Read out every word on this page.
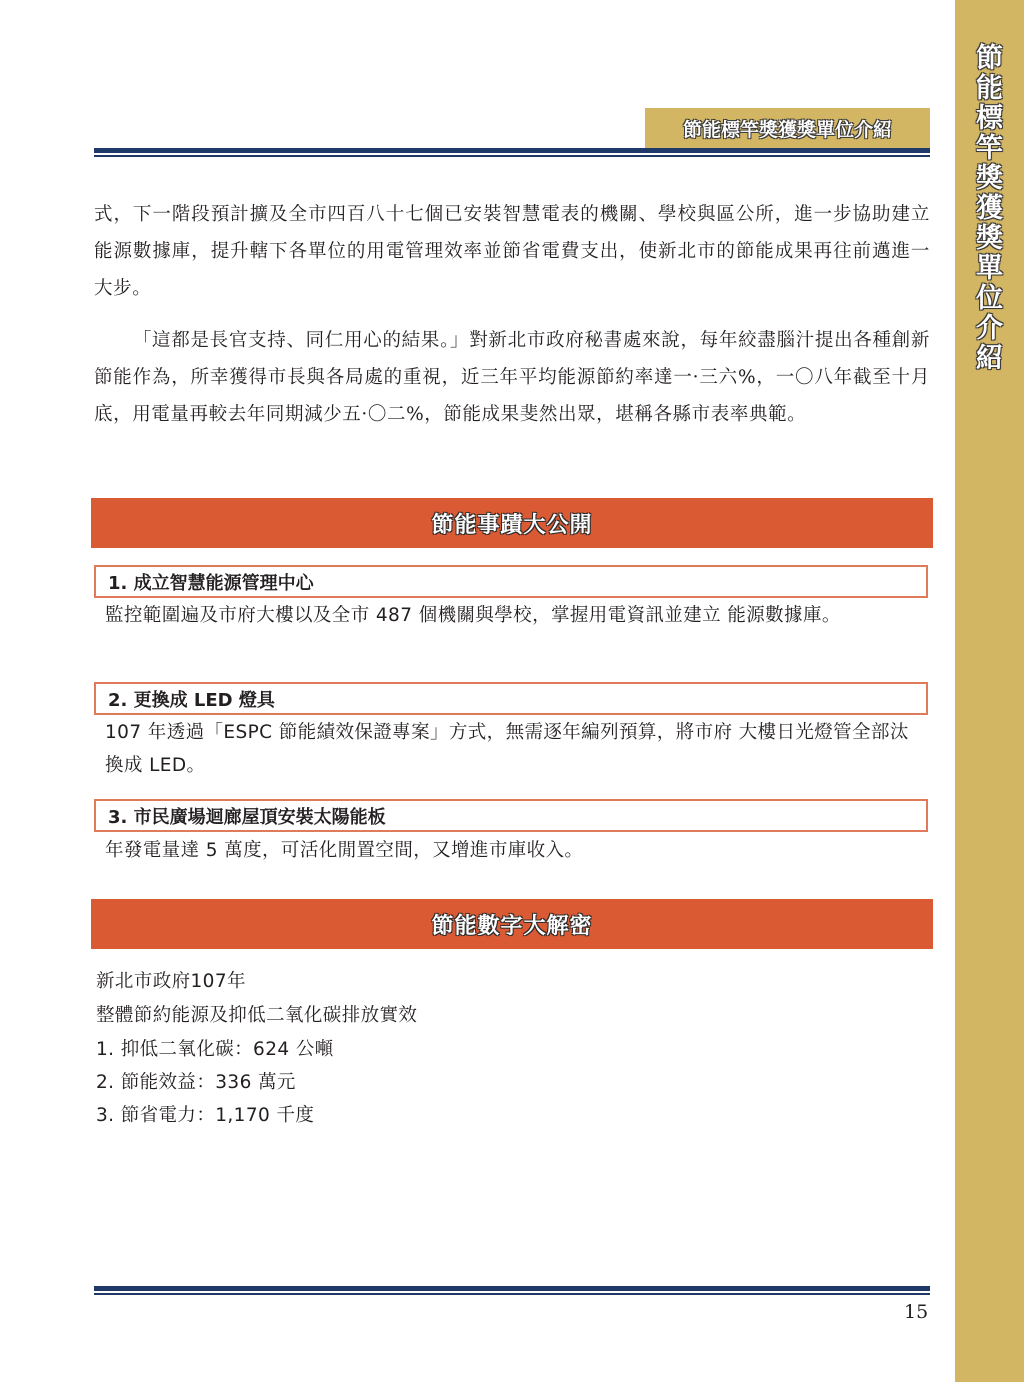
節
能
標
竿
獎
獲
獎
單
位
介
紹
節能標竿獎獲獎單位介紹

式，下一階段預計擴及全市四百八十七個已安裝智慧電表的機關、學校與區公所，進一步協助建立能源數據庫，提升轄下各單位的用電管理效率並節省電費支出，使新北市的節能成果再往前邁進一大步。

「這都是長官支持、同仁用心的結果。」對新北市政府秘書處來說，每年絞盡腦汁提出各種創新節能作為，所幸獲得市長與各局處的重視，近三年平均能源節約率達一·三六%，一〇八年截至十月底，用電量再較去年同期減少五·〇二%，節能成果斐然出眾，堪稱各縣市表率典範。

節能事蹟大公開
1. 成立智慧能源管理中心

監控範圍遍及市府大樓以及全市 487 個機關與學校，掌握用電資訊並建立 能源數據庫。

2. 更換成 LED 燈具

107 年透過「ESPC 節能績效保證專案」方式，無需逐年編列預算，將市府 大樓日光燈管全部汰換成 LED。

3. 市民廣場迴廊屋頂安裝太陽能板

年發電量達 5 萬度，可活化閒置空間，又增進市庫收入。

節能數字大解密
新北市政府107年
整體節約能源及抑低二氧化碳排放實效
1. 抑低二氧化碳：624 公噸
2. 節能效益：336 萬元
3. 節省電力：1,170 千度
15
